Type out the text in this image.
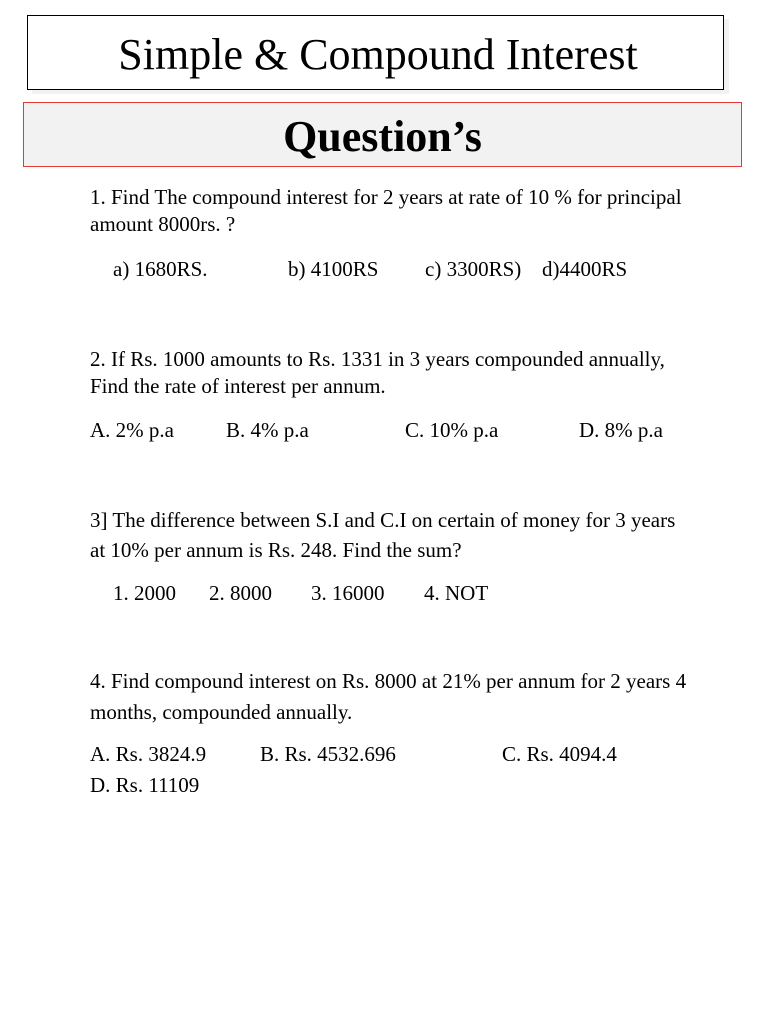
Simple & Compound Interest
Question’s
1. Find The compound interest for 2 years at rate of 10 % for principal amount 8000rs. ?
a) 1680RS.	b) 4100RS c) 3300RS) d)4400RS
2. If Rs. 1000 amounts to Rs. 1331 in 3 years compounded annually, Find the rate of interest per annum.
A. 2% p.a B. 4% p.a	C. 10% p.a	D. 8% p.a
3] The difference between S.I and C.I on certain of money for 3 years at 10% per annum is Rs. 248. Find the sum?
1. 2000 2. 8000 3. 16000 4. NOT
4. Find compound interest on Rs. 8000 at 21% per annum for 2 years 4 months, compounded annually.
A. Rs. 3824.9	B. Rs. 4532.696	C. Rs. 4094.4
D. Rs. 11109
